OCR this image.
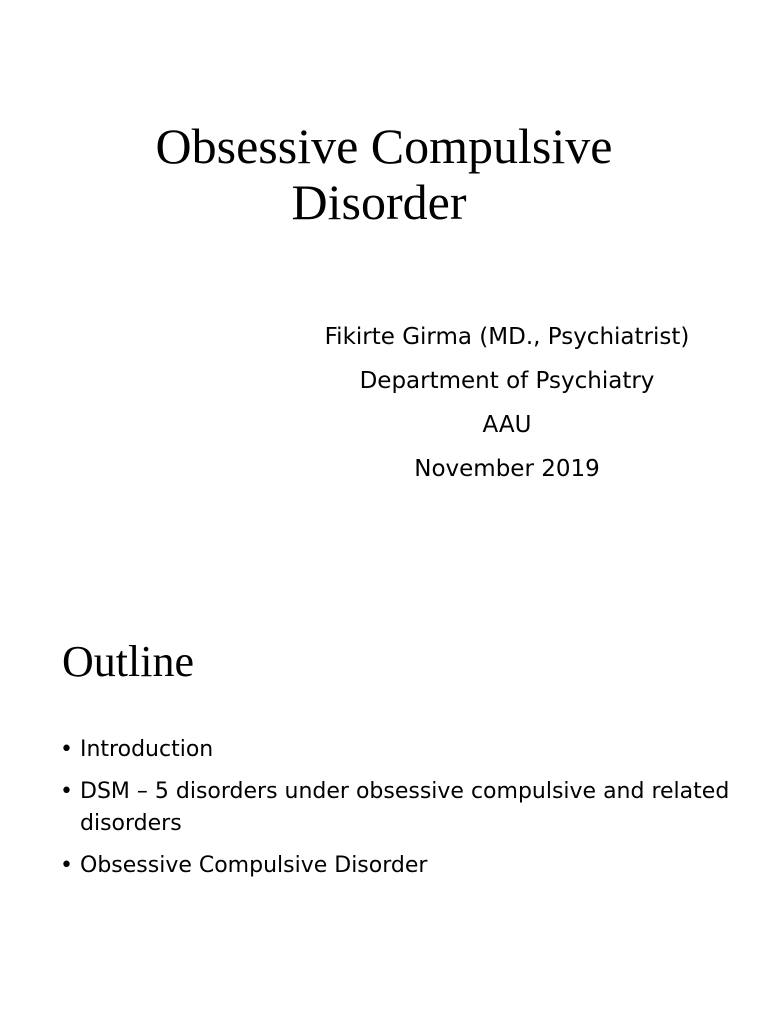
Obsessive Compulsive
Disorder
Fikirte Girma (MD., Psychiatrist)
Department of Psychiatry
AAU
November 2019
Outline
• Introduction
• DSM – 5 disorders under obsessive compulsive and related disorders
• Obsessive Compulsive Disorder
